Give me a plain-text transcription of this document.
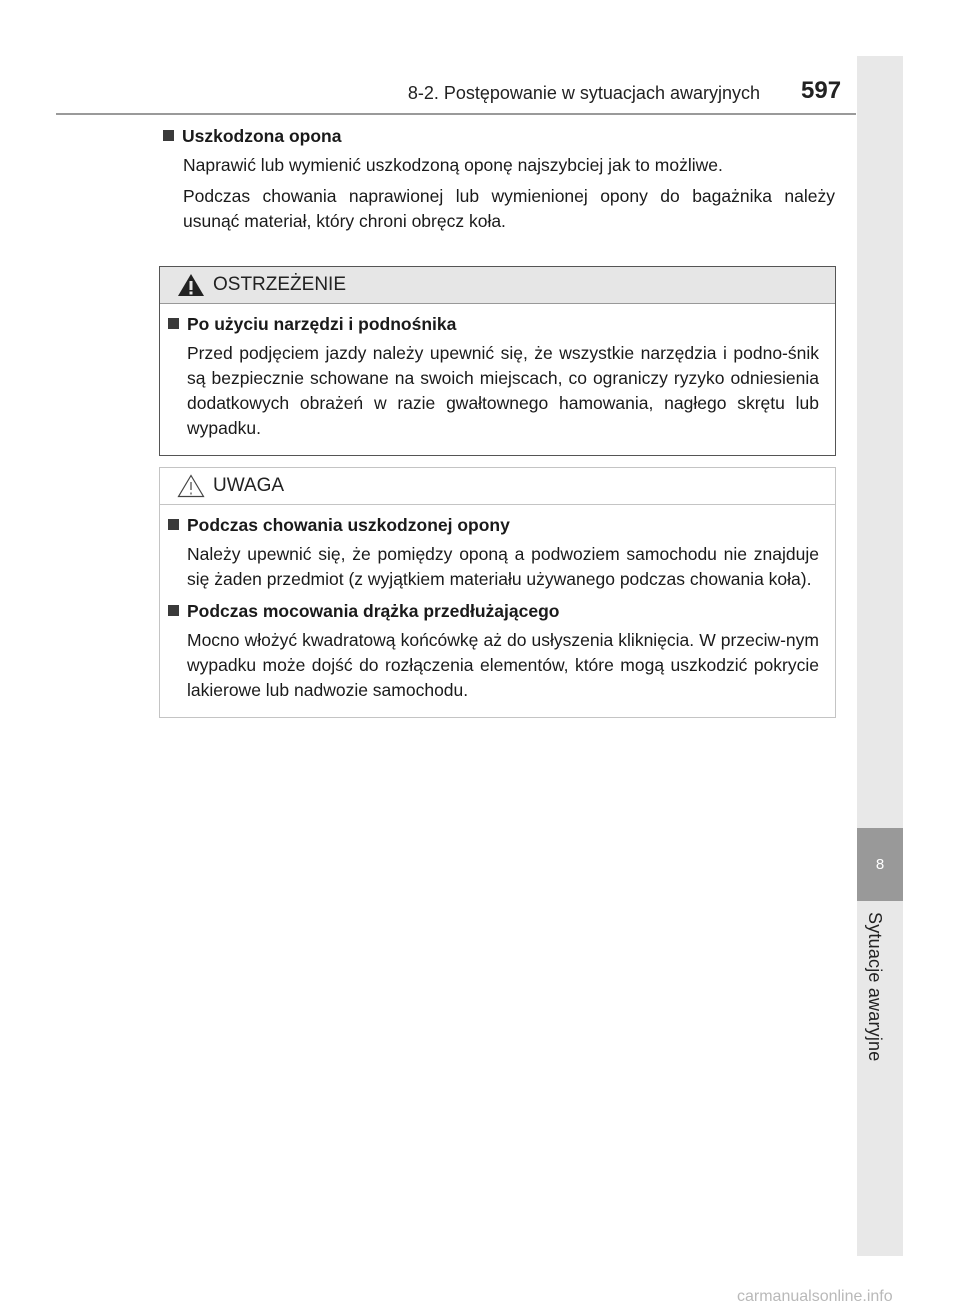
8
Sytuacje awaryjne
8-2. Postępowanie w sytuacjach awaryjnych 597

Uszkodzona opona

Naprawić lub wymienić uszkodzoną oponę najszybciej jak to możliwe.

Podczas chowania naprawionej lub wymienionej opony do bagażnika należy usunąć materiał, który chroni obręcz koła.

OSTRZEŻENIE

Po użyciu narzędzi i podnośnika

Przed podjęciem jazdy należy upewnić się, że wszystkie narzędzia i podno-śnik są bezpiecznie schowane na swoich miejscach, co ograniczy ryzyko odniesienia dodatkowych obrażeń w razie gwałtownego hamowania, nagłego skrętu lub wypadku.

UWAGA

Podczas chowania uszkodzonej opony

Należy upewnić się, że pomiędzy oponą a podwoziem samochodu nie znajduje się żaden przedmiot (z wyjątkiem materiału używanego podczas chowania koła).

Podczas mocowania drążka przedłużającego

Mocno włożyć kwadratową końcówkę aż do usłyszenia kliknięcia. W przeciw-nym wypadku może dojść do rozłączenia elementów, które mogą uszkodzić pokrycie lakierowe lub nadwozie samochodu.

carmanualsonline.info
